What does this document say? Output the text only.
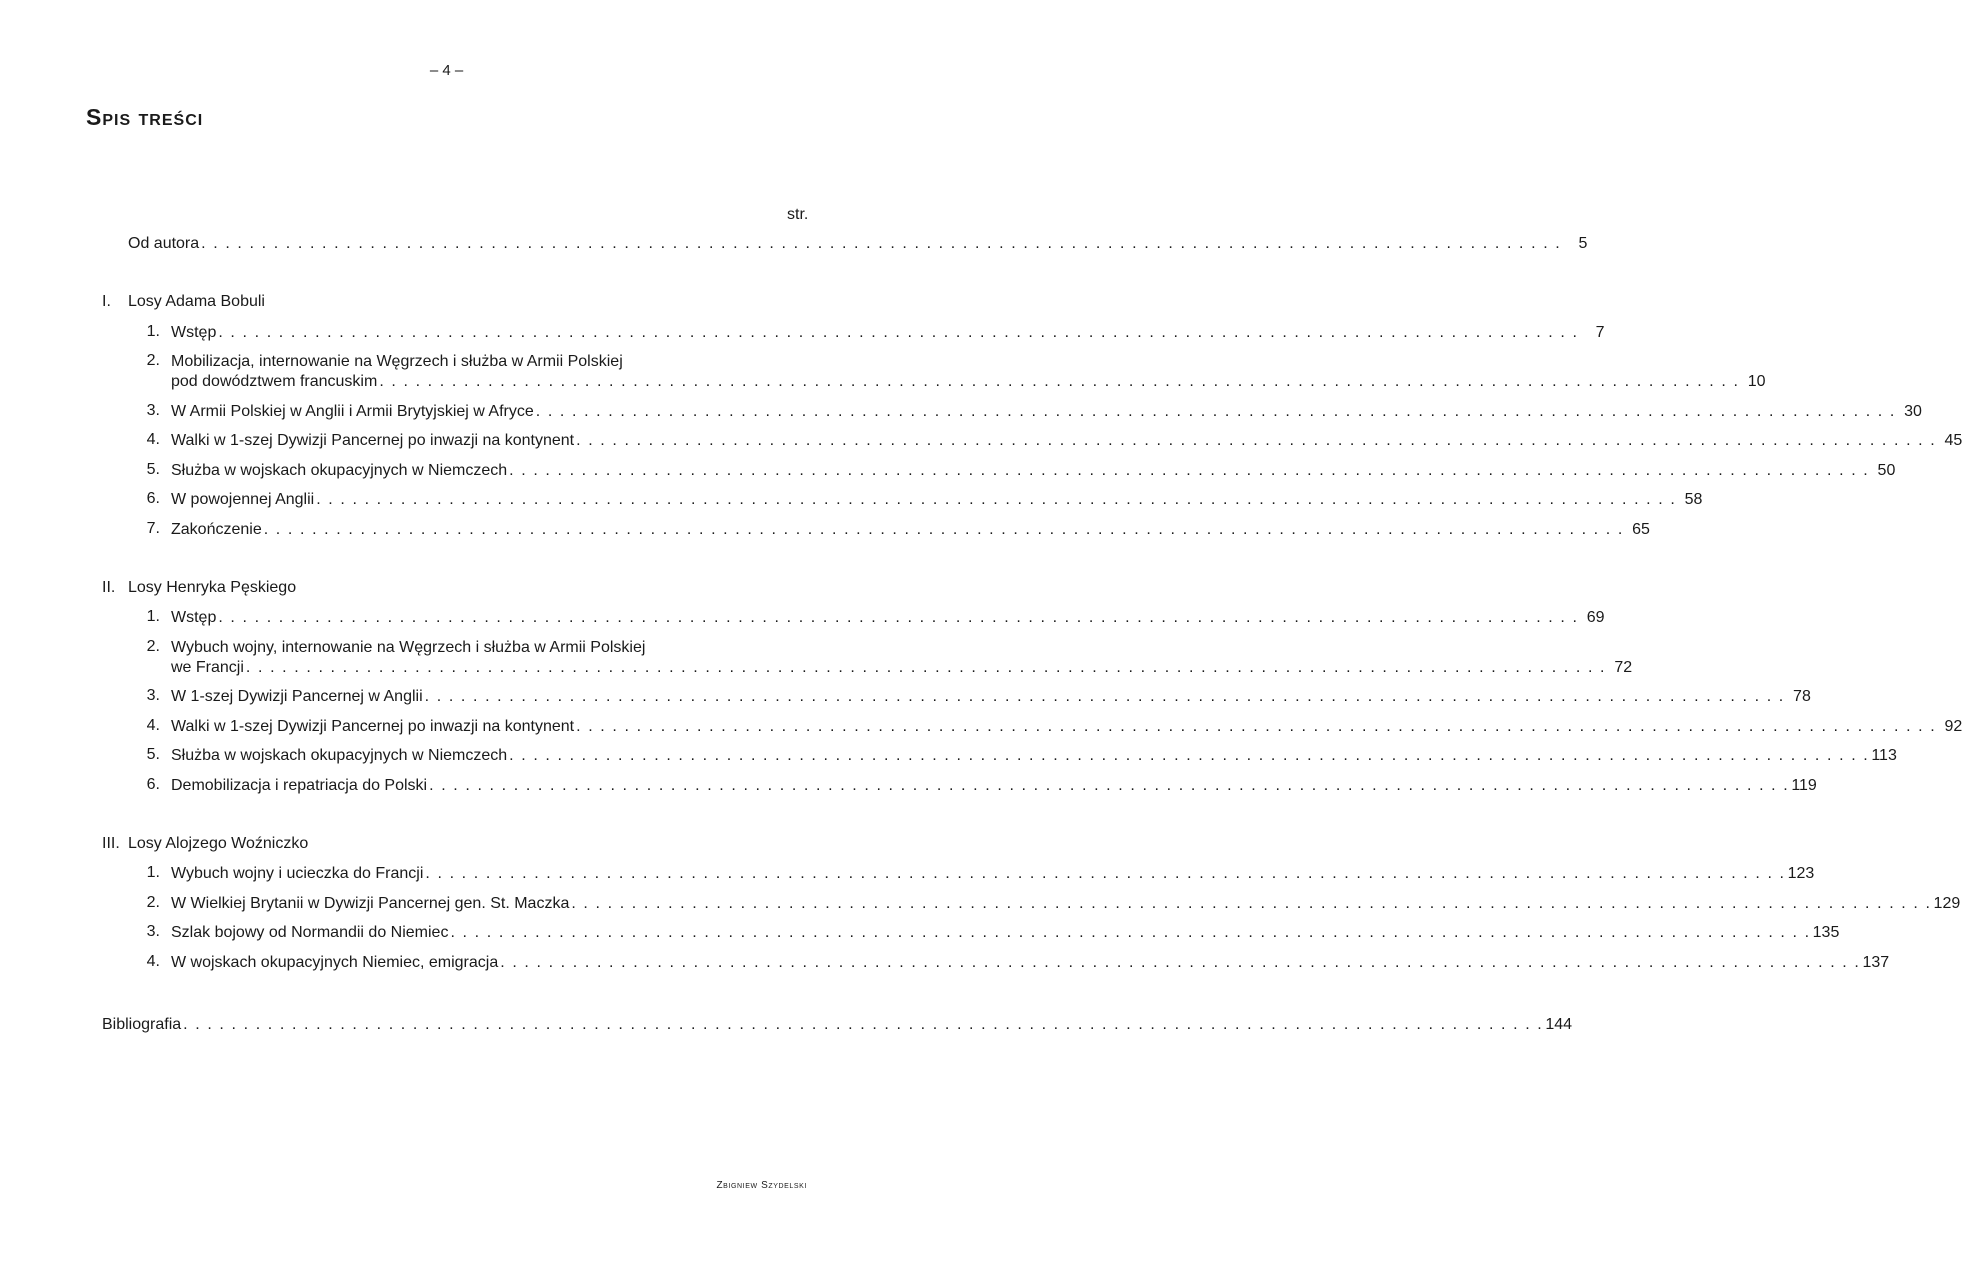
– 4 –
Spis treści
str.
Od autora . . . . . . . . . . . . . . . . . . . . . . . . . . . . . . . . . . . . . . . . . . . . . . . . . . . . . . . . . . . . . . . . . . . . . . . . . . . . . . . . . . . . . . . . . . . . . . . . . . . . . . . . . . . . . . . . .	5
I. Losy Adama Bobuli
1. Wstęp . . . . . . . . . . . . . . . . . . . . . . . . . . . . . . . . . . . . . . . . . . . . . . . . . . . . . . . . . . . . . . . . . . . . . . . . . . . . . . . . . . . . . . . . . . . . . . . . . . . . . . . . . . . . . . . . .	7
2. Mobilizacja, internowanie na Węgrzech i służba w Armii Polskiej
pod dowództwem francuskim . . . . . . . . . . . . . . . . . . . . . . . . . . . . . . . . . . . . . . . . . . . . . . . . . . . . . . . . . . . . . . . . . . . . . . . . . . . . . . . . . . . . . . . . . . . . . . . . . . . . . . . . . . . . . . . . . 10
3. W Armii Polskiej w Anglii i Armii Brytyjskiej w Afryce . . . . . . . . . . . . . . . . . . . . . . . . . . . . . . . . . . . . . . . . . . . . . . . . . . . . . . . . . . . . . . . . . . . . . . . . . . . . . . . . . . . . . . . . . . . . . . . . . . . . . . . . . . . . . . . . . 30
4. Walki w 1-szej Dywizji Pancernej po inwazji na kontynent . . . . . . . . . . . . . . . . . . . . . . . . . . . . . . . . . . . . . . . . . . . . . . . . . . . . . . . . . . . . . . . . . . . . . . . . . . . . . . . . . . . . . . . . . . . . . . . . . . . . . . . . . . . . . . . . . 45
5. Służba w wojskach okupacyjnych w Niemczech . . . . . . . . . . . . . . . . . . . . . . . . . . . . . . . . . . . . . . . . . . . . . . . . . . . . . . . . . . . . . . . . . . . . . . . . . . . . . . . . . . . . . . . . . . . . . . . . . . . . . . . . . . . . . . . . . 50
6. W powojennej Anglii . . . . . . . . . . . . . . . . . . . . . . . . . . . . . . . . . . . . . . . . . . . . . . . . . . . . . . . . . . . . . . . . . . . . . . . . . . . . . . . . . . . . . . . . . . . . . . . . . . . . . . . . . . . . . . . . . 58
7. Zakończenie . . . . . . . . . . . . . . . . . . . . . . . . . . . . . . . . . . . . . . . . . . . . . . . . . . . . . . . . . . . . . . . . . . . . . . . . . . . . . . . . . . . . . . . . . . . . . . . . . . . . . . . . . . . . . . . . . 65
II. Losy Henryka Pęskiego
1. Wstęp . . . . . . . . . . . . . . . . . . . . . . . . . . . . . . . . . . . . . . . . . . . . . . . . . . . . . . . . . . . . . . . . . . . . . . . . . . . . . . . . . . . . . . . . . . . . . . . . . . . . . . . . . . . . . . . . . 69
2. Wybuch wojny, internowanie na Węgrzech i służba w Armii Polskiej
we Francji . . . . . . . . . . . . . . . . . . . . . . . . . . . . . . . . . . . . . . . . . . . . . . . . . . . . . . . . . . . . . . . . . . . . . . . . . . . . . . . . . . . . . . . . . . . . . . . . . . . . . . . . . . . . . . . . . 72
3. W 1-szej Dywizji Pancernej w Anglii . . . . . . . . . . . . . . . . . . . . . . . . . . . . . . . . . . . . . . . . . . . . . . . . . . . . . . . . . . . . . . . . . . . . . . . . . . . . . . . . . . . . . . . . . . . . . . . . . . . . . . . . . . . . . . . . . 78
4. Walki w 1-szej Dywizji Pancernej po inwazji na kontynent . . . . . . . . . . . . . . . . . . . . . . . . . . . . . . . . . . . . . . . . . . . . . . . . . . . . . . . . . . . . . . . . . . . . . . . . . . . . . . . . . . . . . . . . . . . . . . . . . . . . . . . . . . . . . . . . . 92
5. Służba w wojskach okupacyjnych w Niemczech . . . . . . . . . . . . . . . . . . . . . . . . . . . . . . . . . . . . . . . . . . . . . . . . . . . . . . . . . . . . . . . . . . . . . . . . . . . . . . . . . . . . . . . . . . . . . . . . . . . . . . . . . . . . . . . . . 113
6. Demobilizacja i repatriacja do Polski . . . . . . . . . . . . . . . . . . . . . . . . . . . . . . . . . . . . . . . . . . . . . . . . . . . . . . . . . . . . . . . . . . . . . . . . . . . . . . . . . . . . . . . . . . . . . . . . . . . . . . . . . . . . . . . . . 119
III. Losy Alojzego Woźniczko
1. Wybuch wojny i ucieczka do Francji . . . . . . . . . . . . . . . . . . . . . . . . . . . . . . . . . . . . . . . . . . . . . . . . . . . . . . . . . . . . . . . . . . . . . . . . . . . . . . . . . . . . . . . . . . . . . . . . . . . . . . . . . . . . . . . . . 123
2. W Wielkiej Brytanii w Dywizji Pancernej gen. St. Maczka . . . . . . . . . . . . . . . . . . . . . . . . . . . . . . . . . . . . . . . . . . . . . . . . . . . . . . . . . . . . . . . . . . . . . . . . . . . . . . . . . . . . . . . . . . . . . . . . . . . . . . . . . . . . . . . . . 129
3. Szlak bojowy od Normandii do Niemiec . . . . . . . . . . . . . . . . . . . . . . . . . . . . . . . . . . . . . . . . . . . . . . . . . . . . . . . . . . . . . . . . . . . . . . . . . . . . . . . . . . . . . . . . . . . . . . . . . . . . . . . . . . . . . . . . . 135
4. W wojskach okupacyjnych Niemiec, emigracja . . . . . . . . . . . . . . . . . . . . . . . . . . . . . . . . . . . . . . . . . . . . . . . . . . . . . . . . . . . . . . . . . . . . . . . . . . . . . . . . . . . . . . . . . . . . . . . . . . . . . . . . . . . . . . . . . 137
Bibliografia . . . . . . . . . . . . . . . . . . . . . . . . . . . . . . . . . . . . . . . . . . . . . . . . . . . . . . . . . . . . . . . . . . . . . . . . . . . . . . . . . . . . . . . . . . . . . . . . . . . . . . . . . . . . . . . . . 144
Zbigniew Szydelski
